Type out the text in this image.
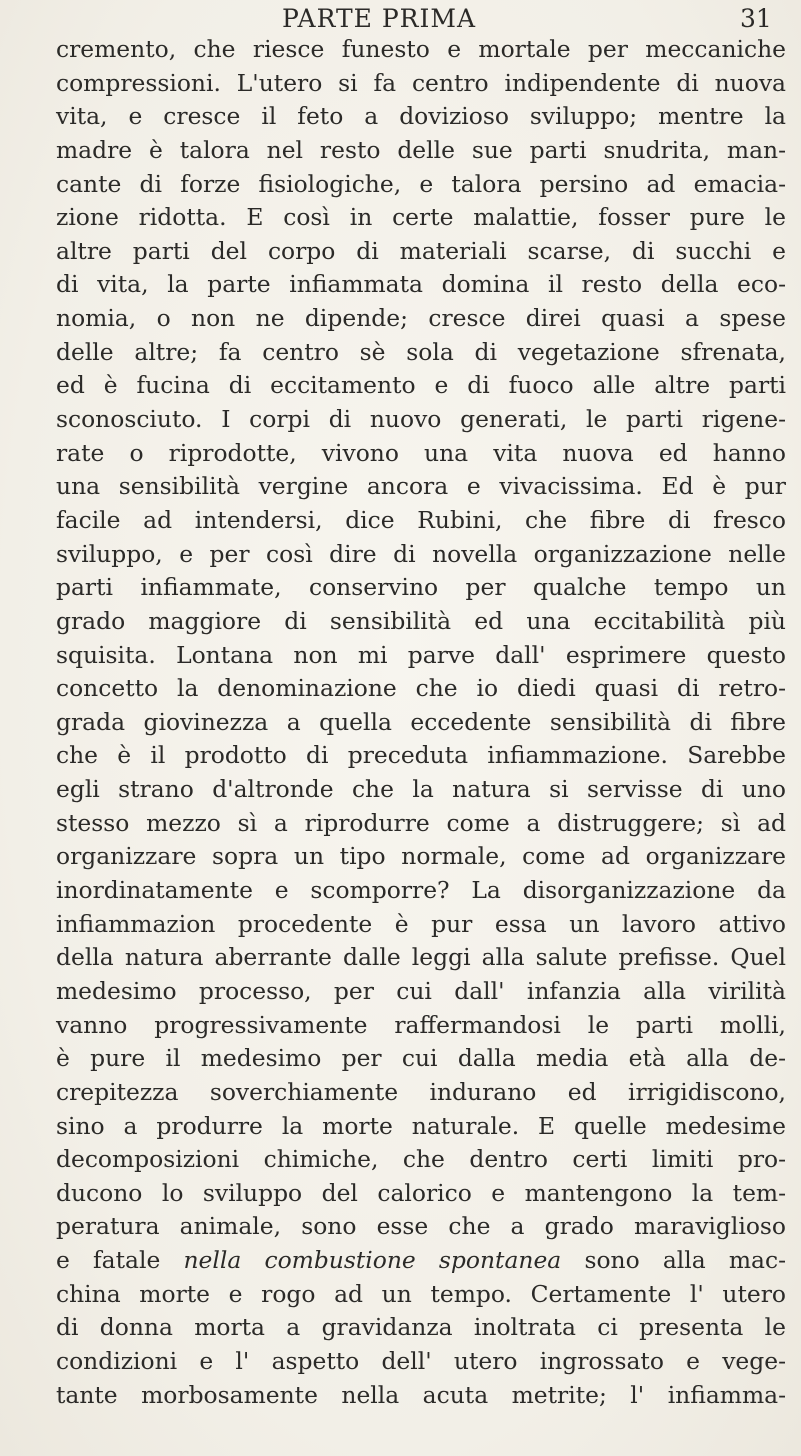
PARTE PRIMA	31
cremento, che riesce funesto e mortale per meccaniche
compressioni. L'utero si fa centro indipendente di nuova
vita, e cresce il feto a dovizioso sviluppo; mentre la
madre è talora nel resto delle sue parti snudrita, man-
cante di forze fisiologiche, e talora persino ad emacia-
zione ridotta. E così in certe malattie, fosser pure le
altre parti del corpo di materiali scarse, di succhi e
di vita, la parte infiammata domina il resto della eco-
nomia, o non ne dipende; cresce direi quasi a spese
delle altre; fa centro sè sola di vegetazione sfrenata,
ed è fucina di eccitamento e di fuoco alle altre parti
sconosciuto. I corpi di nuovo generati, le parti rigene-
rate o riprodotte, vivono una vita nuova ed hanno
una sensibilità vergine ancora e vivacissima. Ed è pur
facile ad intendersi, dice Rubini, che fibre di fresco
sviluppo, e per così dire di novella organizzazione nelle
parti infiammate, conservino per qualche tempo un
grado maggiore di sensibilità ed una eccitabilità più
squisita. Lontana non mi parve dall' esprimere questo
concetto la denominazione che io diedi quasi di retro-
grada giovinezza a quella eccedente sensibilità di fibre
che è il prodotto di preceduta infiammazione. Sarebbe
egli strano d'altronde che la natura si servisse di uno
stesso mezzo sì a riprodurre come a distruggere; sì ad
organizzare sopra un tipo normale, come ad organizzare
inordinatamente e scomporre? La disorganizzazione da
infiammazion procedente è pur essa un lavoro attivo
della natura aberrante dalle leggi alla salute prefisse. Quel
medesimo processo, per cui dall' infanzia alla virilità
vanno progressivamente raffermandosi le parti molli,
è pure il medesimo per cui dalla media età alla de-
crepitezza soverchiamente indurano ed irrigidiscono,
sino a produrre la morte naturale. E quelle medesime
decomposizioni chimiche, che dentro certi limiti pro-
ducono lo sviluppo del calorico e mantengono la tem-
peratura animale, sono esse che a grado maraviglioso
e fatale nella combustione spontanea sono alla mac-
china morte e rogo ad un tempo. Certamente l' utero
di donna morta a gravidanza inoltrata ci presenta le
condizioni e l' aspetto dell' utero ingrossato e vege-
tante morbosamente nella acuta metrite; l' infiamma-
